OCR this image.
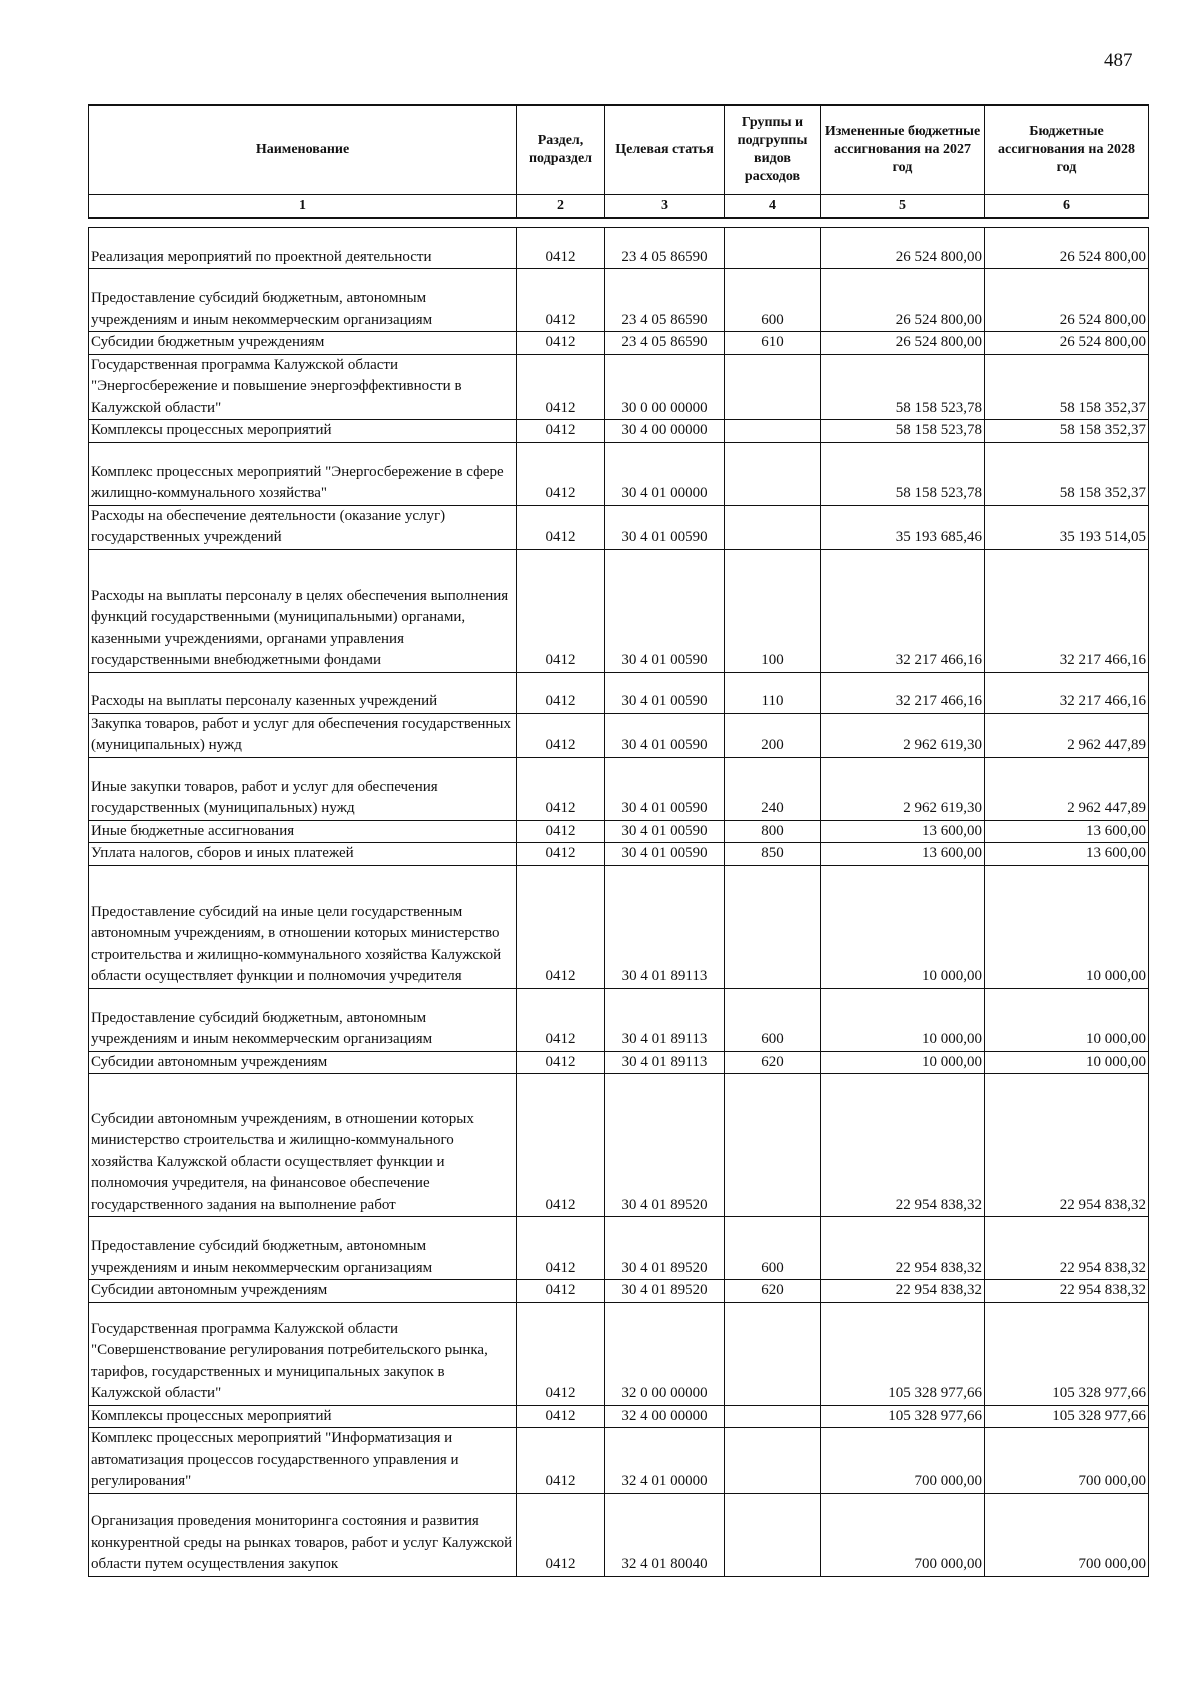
487
Наименование	Раздел, подраздел	Целевая статья	Группы и подгруппы видов расходов	Измененные бюджетные ассигнования на 2027 год	Бюджетные ассигнования на 2028 год
1	2	3	4	5	6

Реализация мероприятий по проектной деятельности	0412	23 4 05 86590		26 524 800,00	26 524 800,00
Предоставление субсидий бюджетным, автономным учреждениям и иным некоммерческим организациям	0412	23 4 05 86590	600	26 524 800,00	26 524 800,00
Субсидии бюджетным учреждениям	0412	23 4 05 86590	610	26 524 800,00	26 524 800,00
Государственная программа Калужской области "Энергосбережение и повышение энергоэффективности в Калужской области"	0412	30 0 00 00000		58 158 523,78	58 158 352,37
Комплексы процессных мероприятий	0412	30 4 00 00000		58 158 523,78	58 158 352,37
Комплекс процессных мероприятий "Энергосбережение в сфере жилищно-коммунального хозяйства"	0412	30 4 01 00000		58 158 523,78	58 158 352,37
Расходы на обеспечение деятельности (оказание услуг) государственных учреждений	0412	30 4 01 00590		35 193 685,46	35 193 514,05
Расходы на выплаты персоналу в целях обеспечения выполнения функций государственными (муниципальными) органами, казенными учреждениями, органами управления государственными внебюджетными фондами	0412	30 4 01 00590	100	32 217 466,16	32 217 466,16
Расходы на выплаты персоналу казенных учреждений	0412	30 4 01 00590	110	32 217 466,16	32 217 466,16
Закупка товаров, работ и услуг для обеспечения государственных (муниципальных) нужд	0412	30 4 01 00590	200	2 962 619,30	2 962 447,89
Иные закупки товаров, работ и услуг для обеспечения государственных (муниципальных) нужд	0412	30 4 01 00590	240	2 962 619,30	2 962 447,89
Иные бюджетные ассигнования	0412	30 4 01 00590	800	13 600,00	13 600,00
Уплата налогов, сборов и иных платежей	0412	30 4 01 00590	850	13 600,00	13 600,00
Предоставление субсидий на иные цели государственным автономным учреждениям, в отношении которых министерство строительства и жилищно-коммунального хозяйства Калужской области осуществляет функции и полномочия учредителя	0412	30 4 01 89113		10 000,00	10 000,00
Предоставление субсидий бюджетным, автономным учреждениям и иным некоммерческим организациям	0412	30 4 01 89113	600	10 000,00	10 000,00
Субсидии автономным учреждениям	0412	30 4 01 89113	620	10 000,00	10 000,00
Субсидии автономным учреждениям, в отношении которых министерство строительства и жилищно-коммунального хозяйства Калужской области осуществляет функции и полномочия учредителя, на финансовое обеспечение государственного задания на выполнение работ	0412	30 4 01 89520		22 954 838,32	22 954 838,32
Предоставление субсидий бюджетным, автономным учреждениям и иным некоммерческим организациям	0412	30 4 01 89520	600	22 954 838,32	22 954 838,32
Субсидии автономным учреждениям	0412	30 4 01 89520	620	22 954 838,32	22 954 838,32
Государственная программа Калужской области "Совершенствование регулирования потребительского рынка, тарифов, государственных и муниципальных закупок в Калужской области"	0412	32 0 00 00000		105 328 977,66	105 328 977,66
Комплексы процессных мероприятий	0412	32 4 00 00000		105 328 977,66	105 328 977,66
Комплекс процессных мероприятий "Информатизация и автоматизация процессов государственного управления и регулирования"	0412	32 4 01 00000		700 000,00	700 000,00
Организация проведения мониторинга состояния и развития конкурентной среды на рынках товаров, работ и услуг Калужской области путем осуществления закупок	0412	32 4 01 80040		700 000,00	700 000,00
